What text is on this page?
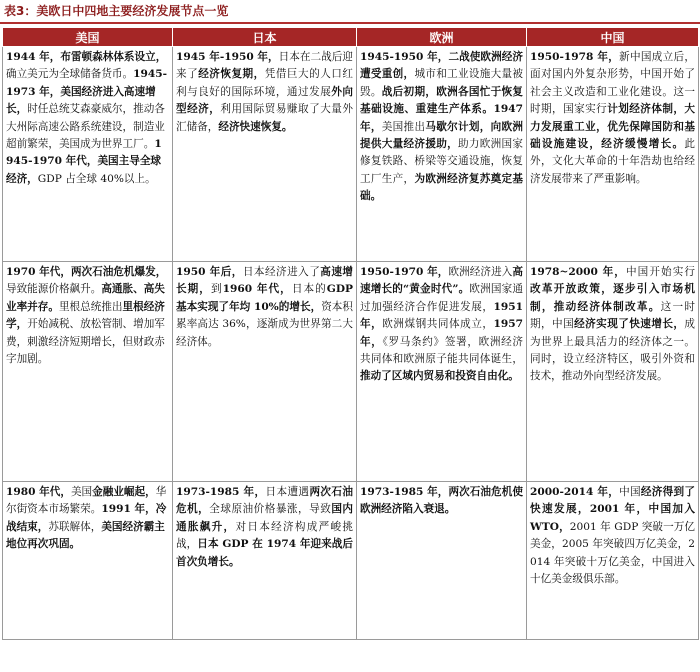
表3：美欧日中四地主要经济发展节点一览
美国	日本	欧洲	中国
1944 年，布雷顿森林体系设立，确立美元为全球储备货币。1945-1973 年，美国经济进入高速增长，时任总统艾森豪威尔，推动各大州际高速公路系统建设，制造业超前繁荣，美国成为世界工厂。1945-1970 年代，美国主导全球经济，GDP 占全球 40%以上。	1945 年-1950 年，日本在二战后迎来了经济恢复期，凭借巨大的人口红利与良好的国际环境，通过发展外向型经济，利用国际贸易赚取了大量外汇储备，经济快速恢复。	1945-1950 年，二战使欧洲经济遭受重创，城市和工业设施大量被毁。战后初期，欧洲各国忙于恢复基础设施、重建生产体系。1947 年，美国推出马歇尔计划，向欧洲提供大量经济援助，助力欧洲国家修复铁路、桥梁等交通设施，恢复工厂生产，为欧洲经济复苏奠定基础。	1950-1978 年，新中国成立后，面对国内外复杂形势，中国开始了社会主义改造和工业化建设。这一时期，国家实行计划经济体制，大力发展重工业，优先保障国防和基础设施建设，经济缓慢增长。此外，文化大革命的十年浩劫也给经济发展带来了严重影响。
1970 年代，两次石油危机爆发，导致能源价格飙升。高通胀、高失业率并存。里根总统推出里根经济学，开始减税、放松管制、增加军费，刺激经济短期增长，但财政赤字加剧。	1950 年后，日本经济进入了高速增长期，到1960 年代，日本的GDP 基本实现了年均 10%的增长，资本积累率高达 36%，逐渐成为世界第二大经济体。	1950-1970 年，欧洲经济进入高速增长的“黄金时代”。欧洲国家通过加强经济合作促进发展，1951 年，欧洲煤钢共同体成立，1957 年，《罗马条约》签署，欧洲经济共同体和欧洲原子能共同体诞生，推动了区域内贸易和投资自由化。	1978~2000 年，中国开始实行改革开放政策，逐步引入市场机制，推动经济体制改革。这一时期，中国经济实现了快速增长，成为世界上最具活力的经济体之一。同时，设立经济特区，吸引外资和技术，推动外向型经济发展。
1980 年代，美国金融业崛起，华尔街资本市场繁荣。1991 年，冷战结束，苏联解体，美国经济霸主地位再次巩固。	1973-1985 年，日本遭遇两次石油危机，全球原油价格暴涨，导致国内通胀飙升，对日本经济构成严峻挑战，日本 GDP 在 1974 年迎来战后首次负增长。	1973-1985 年，两次石油危机使欧洲经济陷入衰退。	2000-2014 年，中国经济得到了快速发展，2001 年，中国加入 WTO，2001 年 GDP 突破一万亿美金，2005 年突破四万亿美金，2014 年突破十万亿美金，中国进入十亿美金级俱乐部。
